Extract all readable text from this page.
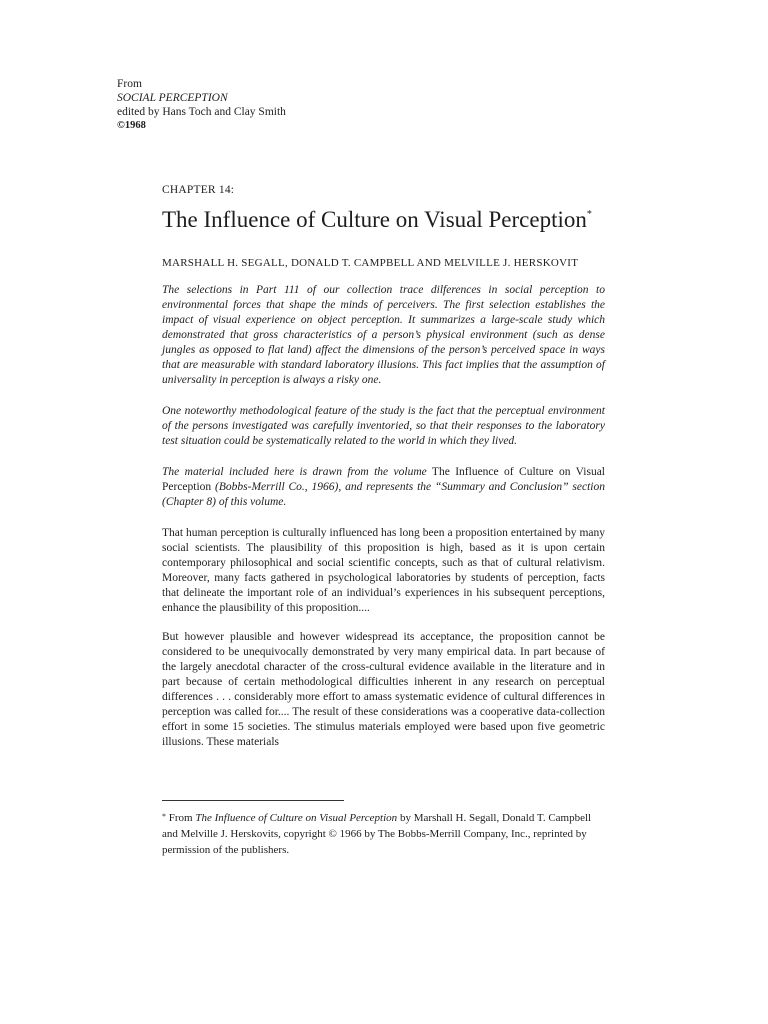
From
SOCIAL PERCEPTION
edited by Hans Toch and Clay Smith
©1968
CHAPTER 14:
The Influence of Culture on Visual Perception*
MARSHALL H. SEGALL, DONALD T. CAMPBELL AND MELVILLE J. HERSKOVIT

The selections in Part 111 of our collection trace dilferences in social perception to environmental forces that shape the minds of perceivers. The first selection establishes the impact of visual experience on object perception. It summarizes a large-scale study which demonstrated that gross characteristics of a person’s physical environment (such as dense jungles as opposed to flat land) affect the dimensions of the person’s perceived space in ways that are measurable with standard laboratory illusions. This fact implies that the assumption of universality in perception is always a risky one.

One noteworthy methodological feature of the study is the fact that the perceptual environment of the persons investigated was carefully inventoried, so that their responses to the laboratory test situation could be systematically related to the world in which they lived.

The material included here is drawn from the volume The Influence of Culture on Visual Perception (Bobbs-Merrill Co., 1966), and represents the “Summary and Conclusion” section (Chapter 8) of this volume.

That human perception is culturally influenced has long been a proposition entertained by many social scientists. The plausibility of this proposition is high, based as it is upon certain contemporary philosophical and social scientific concepts, such as that of cultural relativism. Moreover, many facts gathered in psychological laboratories by students of perception, facts that delineate the important role of an individual’s experiences in his subsequent perceptions, enhance the plausibility of this proposition....

But however plausible and however widespread its acceptance, the proposition cannot be considered to be unequivocally demonstrated by very many empirical data. In part because of the largely anecdotal character of the cross-cultural evidence available in the literature and in part because of certain methodological difficulties inherent in any research on perceptual differences . . . considerably more effort to amass systematic evidence of cultural differences in perception was called for.... The result of these considerations was a cooperative data-collection effort in some 15 societies. The stimulus materials employed were based upon five geometric illusions. These materials

* From The Influence of Culture on Visual Perception by Marshall H. Segall, Donald T. Campbell and Melville J. Herskovits, copyright © 1966 by The Bobbs-Merrill Company, Inc., reprinted by permission of the publishers.
